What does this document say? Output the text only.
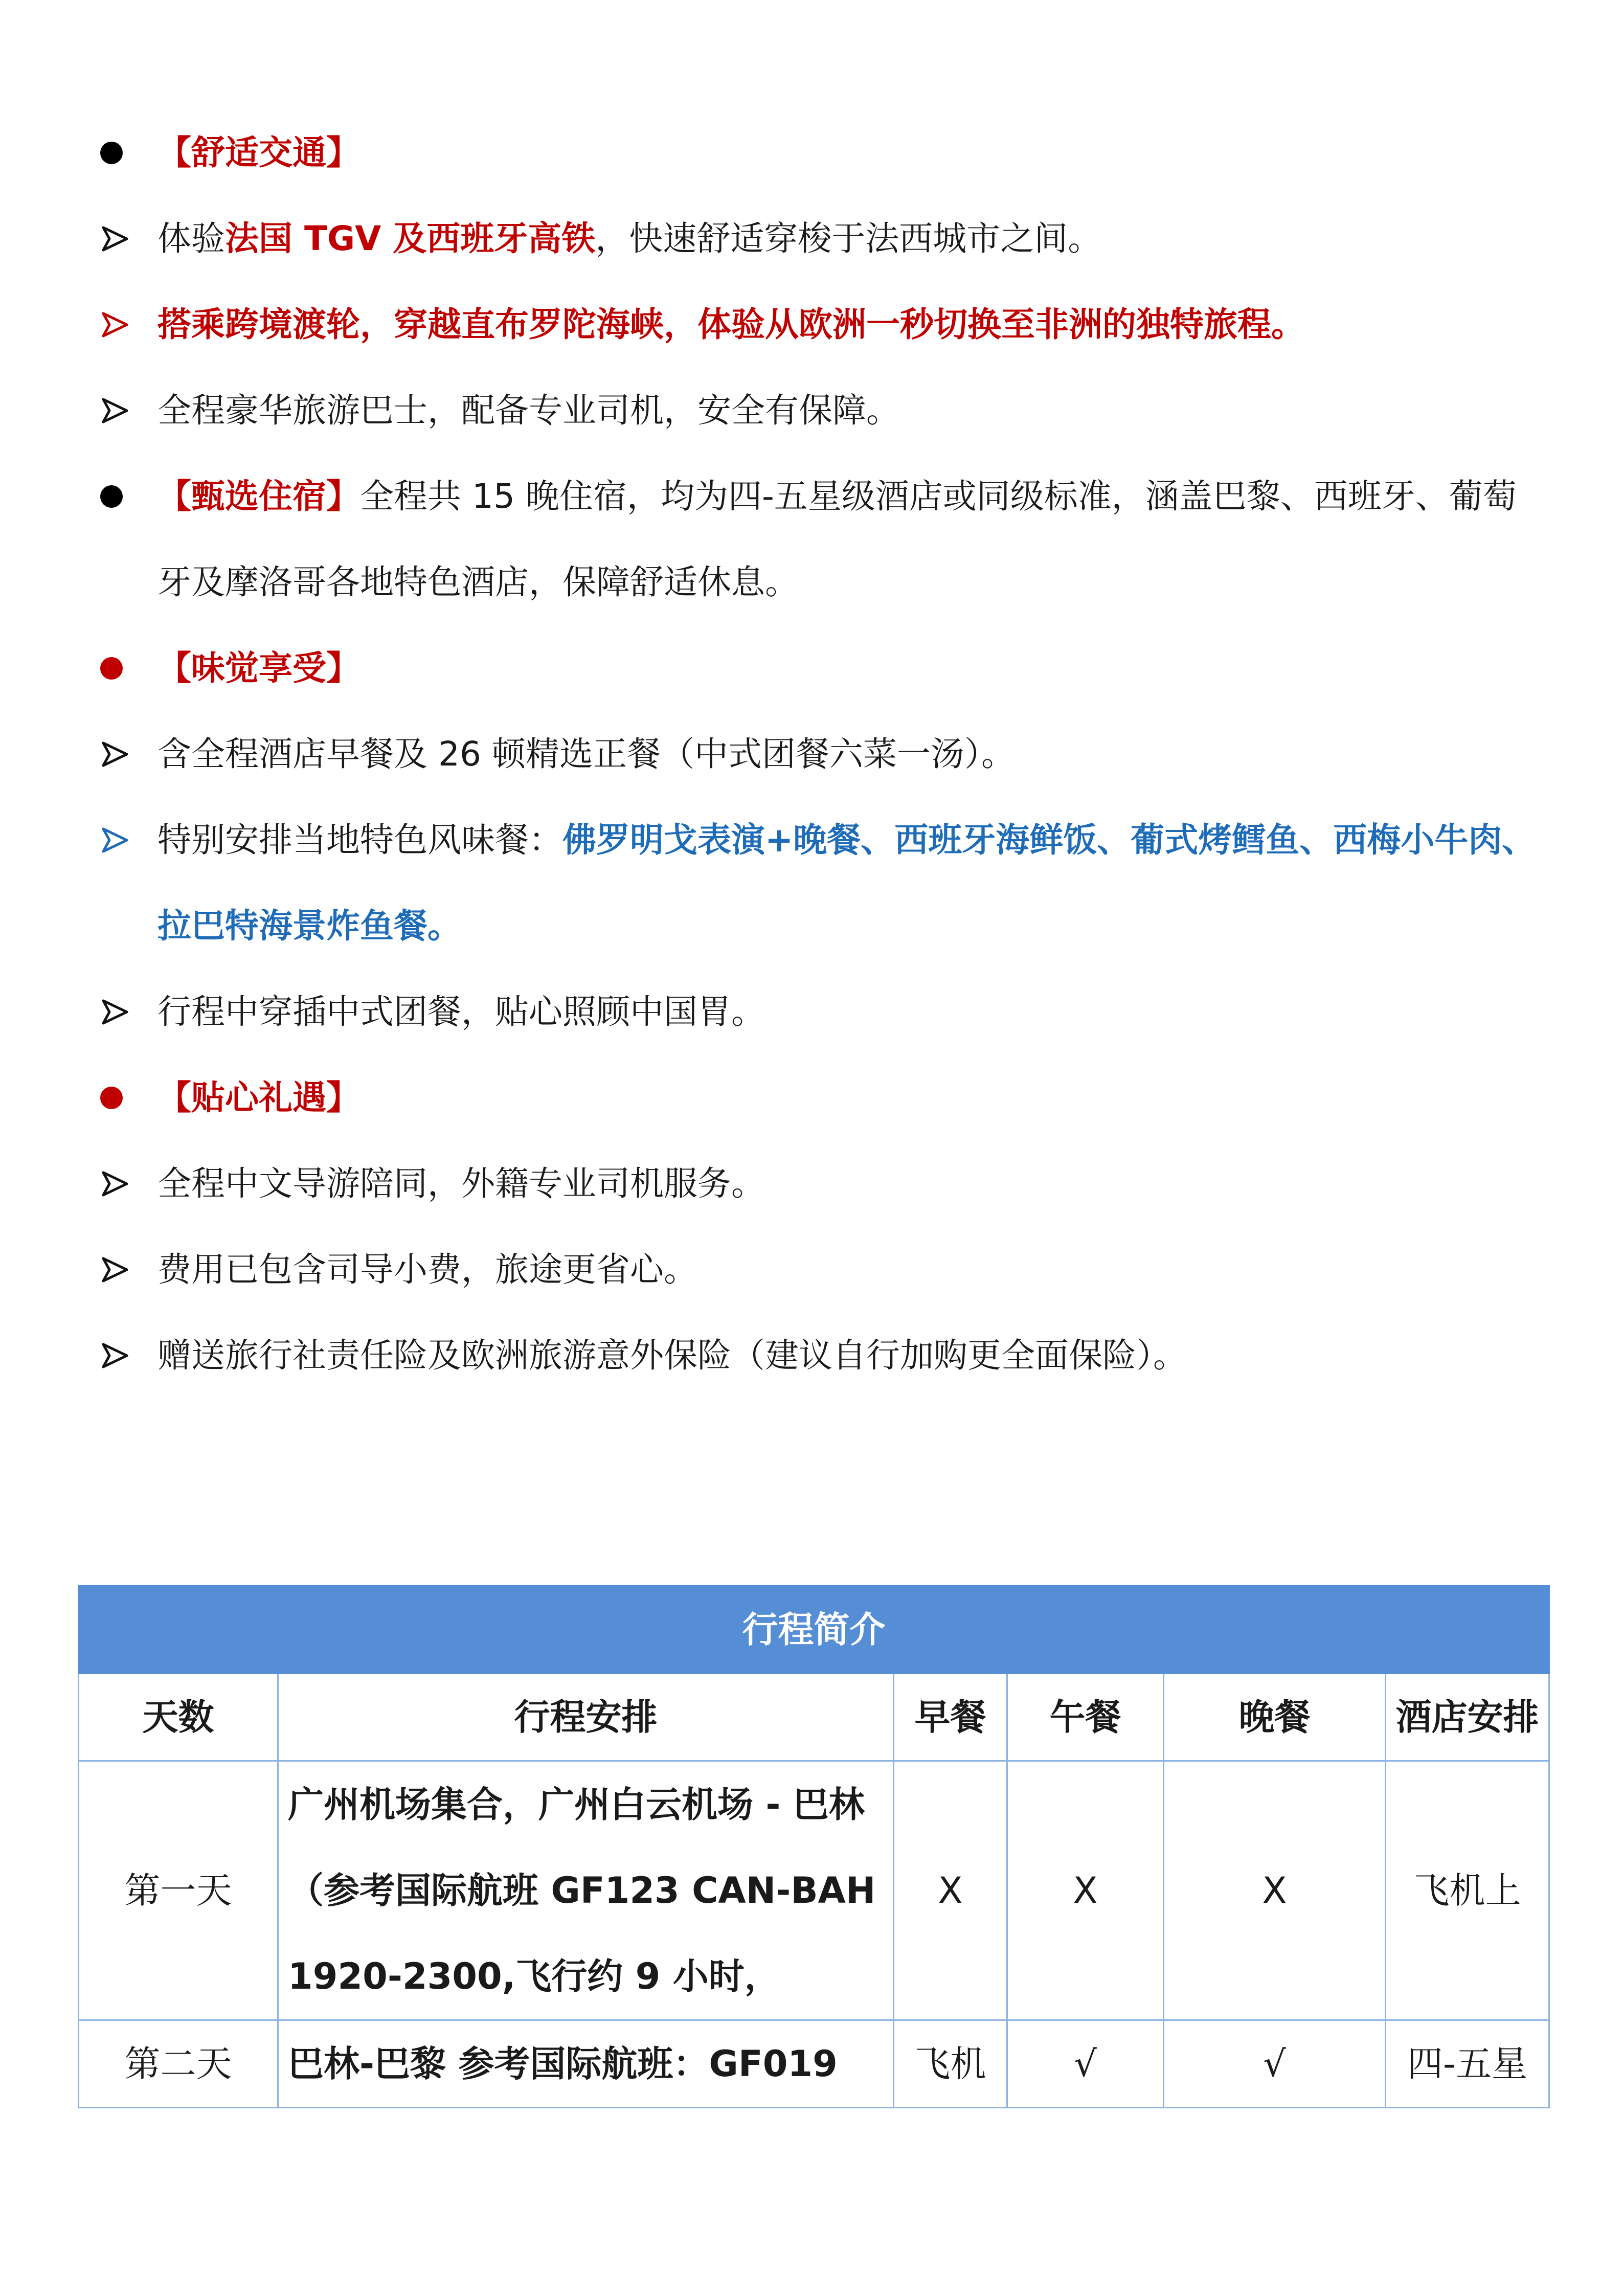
【舒适交通】
体验法国 TGV 及西班牙高铁，快速舒适穿梭于法西城市之间。
搭乘跨境渡轮，穿越直布罗陀海峡，体验从欧洲一秒切换至非洲的独特旅程。
全程豪华旅游巴士，配备专业司机，安全有保障。
【甄选住宿】全程共 15 晚住宿，均为四-五星级酒店或同级标准，涵盖巴黎、西班牙、葡萄牙及摩洛哥各地特色酒店，保障舒适休息。
【味觉享受】
含全程酒店早餐及 26 顿精选正餐（中式团餐六菜一汤）。
特别安排当地特色风味餐：佛罗明戈表演+晚餐、西班牙海鲜饭、葡式烤鳕鱼、西梅小牛肉、拉巴特海景炸鱼餐。
行程中穿插中式团餐，贴心照顾中国胃。
【贴心礼遇】
全程中文导游陪同，外籍专业司机服务。
费用已包含司导小费，旅途更省心。
赠送旅行社责任险及欧洲旅游意外保险（建议自行加购更全面保险）。
行程简介					
天数	行程安排	早餐	午餐	晚餐	酒店安排
第一天	广州机场集合，广州白云机场 - 巴林（参考国际航班 GF123 CAN-BAH 1920-2300,飞行约 9 小时，	X	X	X	飞机上
第二天	巴林-巴黎 参考国际航班：GF019	飞机	√	√	四-五星
